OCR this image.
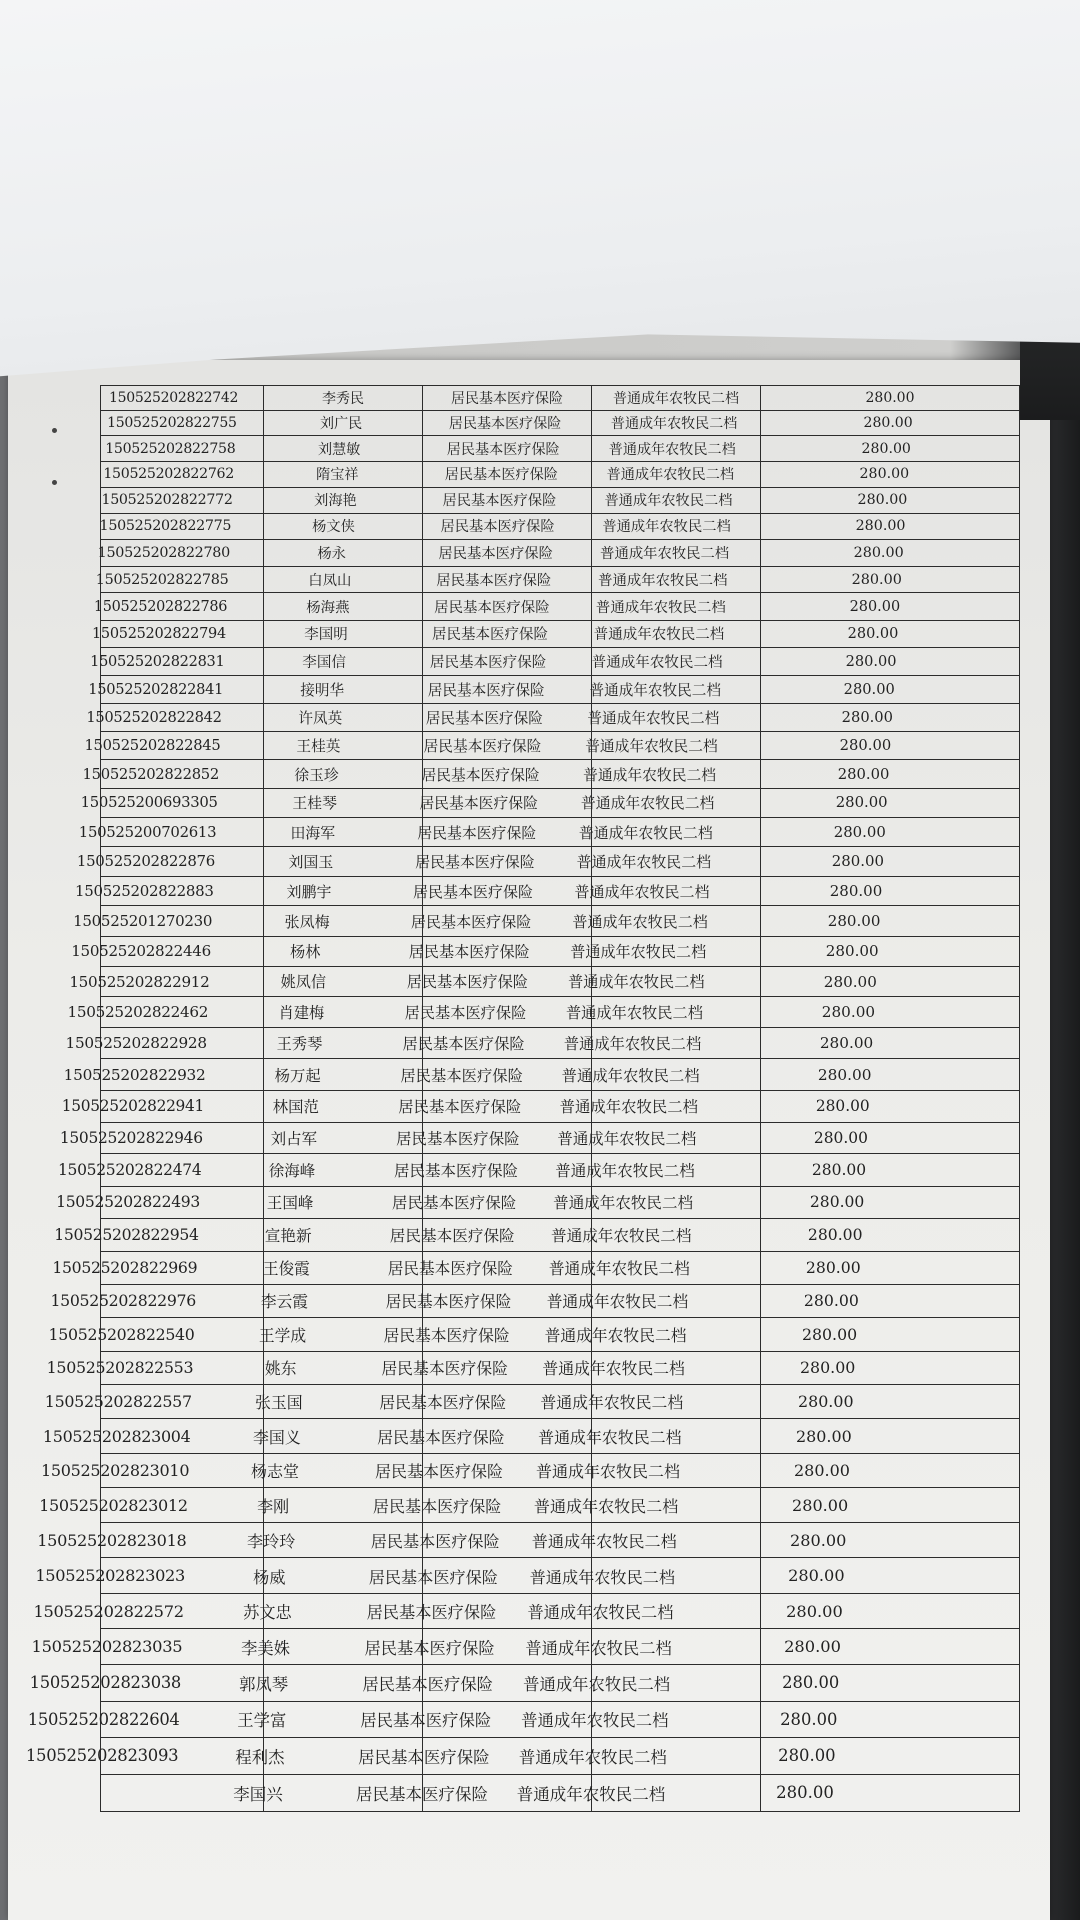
150525202822742	李秀民	居民基本医疗保险	普通成年农牧民二档	280.00
150525202822755	刘广民	居民基本医疗保险	普通成年农牧民二档	280.00
150525202822758	刘慧敏	居民基本医疗保险	普通成年农牧民二档	280.00
150525202822762	隋宝祥	居民基本医疗保险	普通成年农牧民二档	280.00
150525202822772	刘海艳	居民基本医疗保险	普通成年农牧民二档	280.00
150525202822775	杨文侠	居民基本医疗保险	普通成年农牧民二档	280.00
150525202822780	杨永	居民基本医疗保险	普通成年农牧民二档	280.00
150525202822785	白凤山	居民基本医疗保险	普通成年农牧民二档	280.00
150525202822786	杨海燕	居民基本医疗保险	普通成年农牧民二档	280.00
150525202822794	李国明	居民基本医疗保险	普通成年农牧民二档	280.00
150525202822831	李国信	居民基本医疗保险	普通成年农牧民二档	280.00
150525202822841	接明华	居民基本医疗保险	普通成年农牧民二档	280.00
150525202822842	许凤英	居民基本医疗保险	普通成年农牧民二档	280.00
150525202822845	王桂英	居民基本医疗保险	普通成年农牧民二档	280.00
150525202822852	徐玉珍	居民基本医疗保险	普通成年农牧民二档	280.00
150525200693305	王桂琴	居民基本医疗保险	普通成年农牧民二档	280.00
150525200702613	田海军	居民基本医疗保险	普通成年农牧民二档	280.00
150525202822876	刘国玉	居民基本医疗保险	普通成年农牧民二档	280.00
150525202822883	刘鹏宇	居民基本医疗保险	普通成年农牧民二档	280.00
150525201270230	张凤梅	居民基本医疗保险	普通成年农牧民二档	280.00
150525202822446	杨林	居民基本医疗保险	普通成年农牧民二档	280.00
150525202822912	姚凤信	居民基本医疗保险	普通成年农牧民二档	280.00
150525202822462	肖建梅	居民基本医疗保险	普通成年农牧民二档	280.00
150525202822928	王秀琴	居民基本医疗保险	普通成年农牧民二档	280.00
150525202822932	杨万起	居民基本医疗保险	普通成年农牧民二档	280.00
150525202822941	林国范	居民基本医疗保险	普通成年农牧民二档	280.00
150525202822946	刘占军	居民基本医疗保险	普通成年农牧民二档	280.00
150525202822474	徐海峰	居民基本医疗保险	普通成年农牧民二档	280.00
150525202822493	王国峰	居民基本医疗保险	普通成年农牧民二档	280.00
150525202822954	宣艳新	居民基本医疗保险	普通成年农牧民二档	280.00
150525202822969	王俊霞	居民基本医疗保险	普通成年农牧民二档	280.00
150525202822976	李云霞	居民基本医疗保险	普通成年农牧民二档	280.00
150525202822540	王学成	居民基本医疗保险	普通成年农牧民二档	280.00
150525202822553	姚东	居民基本医疗保险	普通成年农牧民二档	280.00
150525202822557	张玉国	居民基本医疗保险	普通成年农牧民二档	280.00
150525202823004	李国义	居民基本医疗保险	普通成年农牧民二档	280.00
150525202823010	杨志堂	居民基本医疗保险	普通成年农牧民二档	280.00
150525202823012	李刚	居民基本医疗保险	普通成年农牧民二档	280.00
150525202823018	李玲玲	居民基本医疗保险	普通成年农牧民二档	280.00
150525202823023	杨威	居民基本医疗保险	普通成年农牧民二档	280.00
150525202822572	苏文忠	居民基本医疗保险	普通成年农牧民二档	280.00
150525202823035	李美姝	居民基本医疗保险	普通成年农牧民二档	280.00
150525202823038	郭凤琴	居民基本医疗保险	普通成年农牧民二档	280.00
150525202822604	王学富	居民基本医疗保险	普通成年农牧民二档	280.00
150525202823093	程利杰	居民基本医疗保险	普通成年农牧民二档	280.00
	李国兴	居民基本医疗保险	普通成年农牧民二档	280.00
